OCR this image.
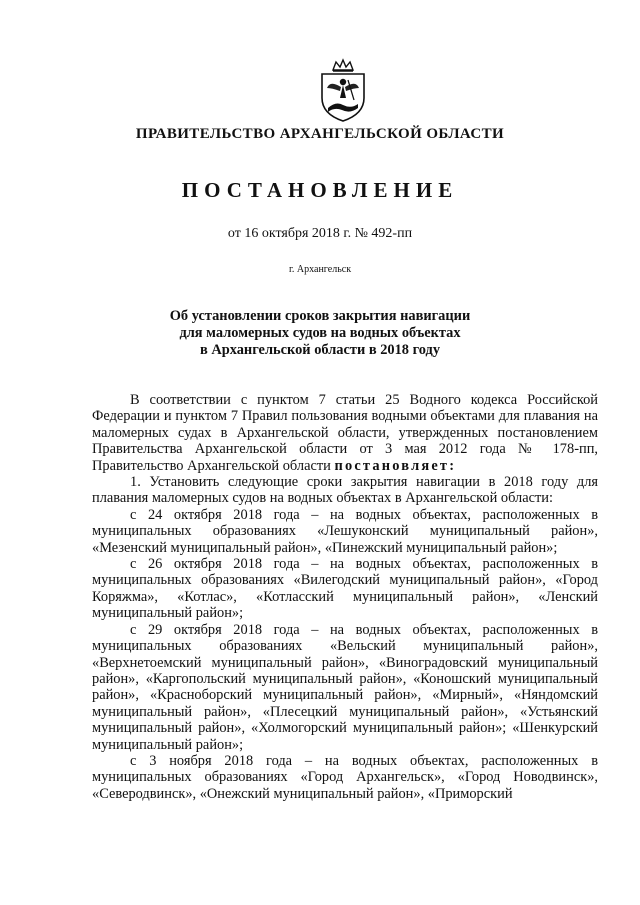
ПРАВИТЕЛЬСТВО АРХАНГЕЛЬСКОЙ ОБЛАСТИ
ПОСТАНОВЛЕНИЕ
от 16 октября 2018 г. № 492-пп
г. Архангельск
Об установлении сроков закрытия навигации
для маломерных судов на водных объектах
в Архангельской области в 2018 году

В соответствии с пунктом 7 статьи 25 Водного кодекса Российской Федерации и пунктом 7 Правил пользования водными объектами для плавания на маломерных судах в Архангельской области, утвержденных постановлением Правительства Архангельской области от 3 мая 2012 года № 178-пп, Правительство Архангельской области постановляет:

1. Установить следующие сроки закрытия навигации в 2018 году для плавания маломерных судов на водных объектах в Архангельской области:

с 24 октября 2018 года – на водных объектах, расположенных в муниципальных образованиях «Лешуконский муниципальный район», «Мезенский муниципальный район», «Пинежский муниципальный район»;

с 26 октября 2018 года – на водных объектах, расположенных в муниципальных образованиях «Вилегодский муниципальный район», «Город Коряжма», «Котлас», «Котласский муниципальный район», «Ленский муниципальный район»;

с 29 октября 2018 года – на водных объектах, расположенных в муниципальных образованиях «Вельский муниципальный район», «Верхнетоемский муниципальный район», «Виноградовский муниципальный район», «Каргопольский муниципальный район», «Коношский муниципальный район», «Красноборский муниципальный район», «Мирный», «Няндомский муниципальный район», «Плесецкий муниципальный район», «Устьянский муниципальный район», «Холмогорский муниципальный район»; «Шенкурский муниципальный район»;

с 3 ноября 2018 года – на водных объектах, расположенных в муниципальных образованиях «Город Архангельск», «Город Новодвинск», «Северодвинск», «Онежский муниципальный район», «Приморский
